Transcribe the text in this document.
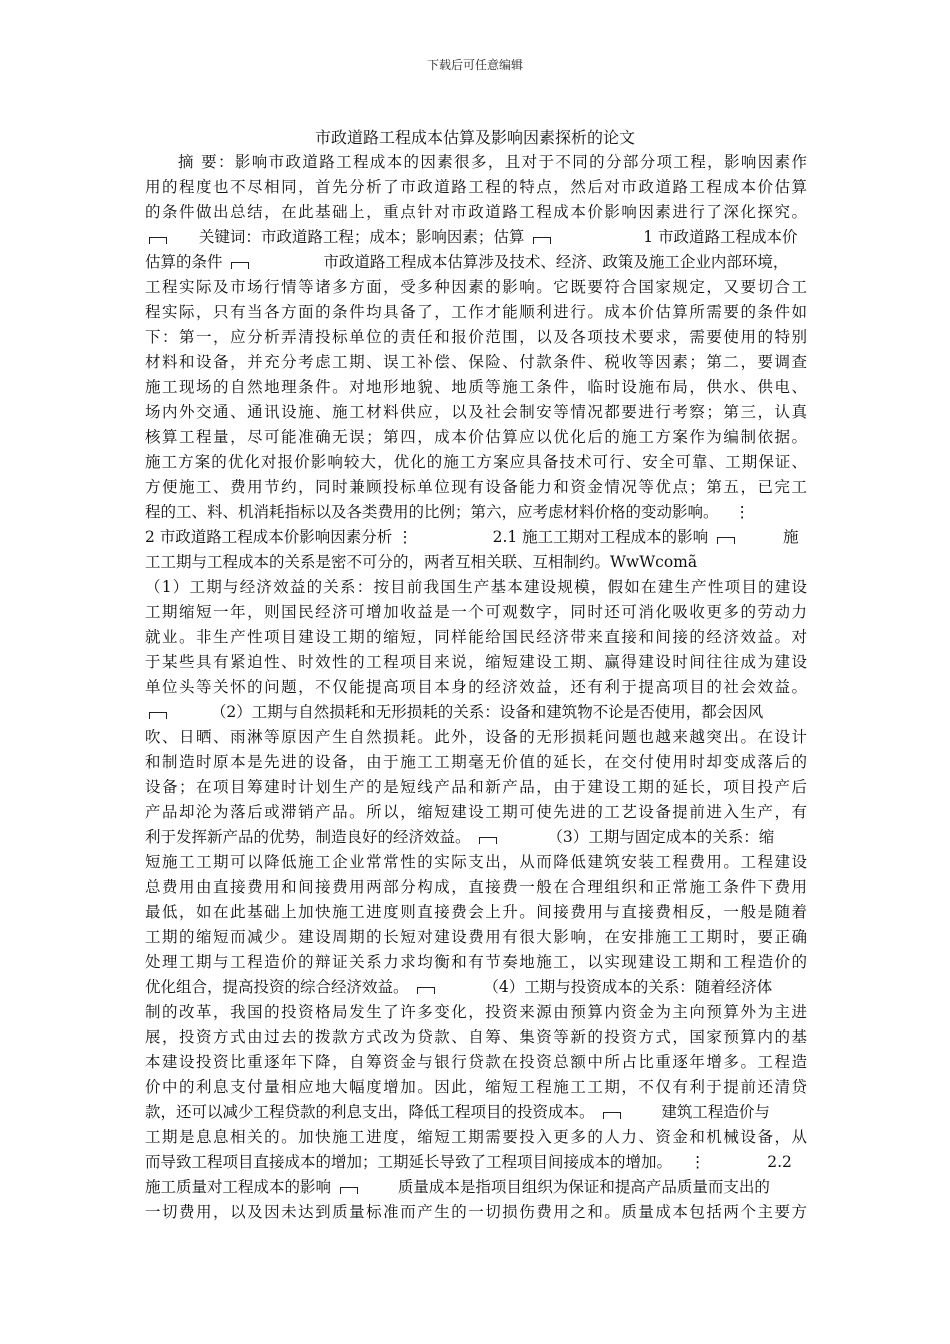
下载后可任意编辑
市政道路工程成本估算及影响因素探析的论文
摘 要：影响市政道路工程成本的因素很多，且对于不同的分部分项工程，影响因素作
用的程度也不尽相同，首先分析了市政道路工程的特点，然后对市政道路工程成本价估算
的条件做出总结，在此基础上，重点针对市政道路工程成本价影响因素进行了深化探究。
关键词：市政道路工程；成本；影响因素；估算	1 市政道路工程成本价
估算的条件	市政道路工程成本估算涉及技术、经济、政策及施工企业内部环境，
工程实际及市场行情等诸多方面，受多种因素的影响。它既要符合国家规定，又要切合工
程实际，只有当各方面的条件均具备了，工作才能顺利进行。成本价估算所需要的条件如
下：第一，应分析弄清投标单位的责任和报价范围，以及各项技术要求，需要使用的特别
材料和设备，并充分考虑工期、误工补偿、保险、付款条件、税收等因素；第二，要调查
施工现场的自然地理条件。对地形地貌、地质等施工条件，临时设施布局，供水、供电、
场内外交通、通讯设施、施工材料供应，以及社会制安等情况都要进行考察；第三，认真
核算工程量，尽可能准确无误；第四，成本价估算应以优化后的施工方案作为编制依据。
施工方案的优化对报价影响较大，优化的施工方案应具备技术可行、安全可靠、工期保证、
方便施工、费用节约，同时兼顾投标单位现有设备能力和资金情况等优点；第五，已完工
程的工、料、机消耗指标以及各类费用的比例；第六，应考虑材料价格的变动影响。 ⋮
2 市政道路工程成本价影响因素分析 ⋮	2.1 施工工期对工程成本的影响	施
工工期与工程成本的关系是密不可分的，两者互相关联、互相制约。WwWcomã
（1）工期与经济效益的关系：按目前我国生产基本建设规模，假如在建生产性项目的建设
工期缩短一年，则国民经济可增加收益是一个可观数字，同时还可消化吸收更多的劳动力
就业。非生产性项目建设工期的缩短，同样能给国民经济带来直接和间接的经济效益。对
于某些具有紧迫性、时效性的工程项目来说，缩短建设工期、赢得建设时间往往成为建设
单位头等关怀的问题，不仅能提高项目本身的经济效益，还有利于提高项目的社会效益。
（2）工期与自然损耗和无形损耗的关系：设备和建筑物不论是否使用，都会因风
吹、日晒、雨淋等原因产生自然损耗。此外，设备的无形损耗问题也越来越突出。在设计
和制造时原本是先进的设备，由于施工工期毫无价值的延长，在交付使用时却变成落后的
设备；在项目筹建时计划生产的是短线产品和新产品，由于建设工期的延长，项目投产后
产品却沦为落后或滞销产品。所以，缩短建设工期可使先进的工艺设备提前进入生产，有
利于发挥新产品的优势，制造良好的经济效益。	（3）工期与固定成本的关系：缩
短施工工期可以降低施工企业常常性的实际支出，从而降低建筑安装工程费用。工程建设
总费用由直接费用和间接费用两部分构成，直接费一般在合理组织和正常施工条件下费用
最低，如在此基础上加快施工进度则直接费会上升。间接费用与直接费相反，一般是随着
工期的缩短而减少。建设周期的长短对建设费用有很大影响，在安排施工工期时，要正确
处理工期与工程造价的辩证关系力求均衡和有节奏地施工，以实现建设工期和工程造价的
优化组合，提高投资的综合经济效益。	（4）工期与投资成本的关系：随着经济体
制的改革，我国的投资格局发生了许多变化，投资来源由预算内资金为主向预算外为主进
展，投资方式由过去的拨款方式改为贷款、自筹、集资等新的投资方式，国家预算内的基
本建设投资比重逐年下降，自筹资金与银行贷款在投资总额中所占比重逐年增多。工程造
价中的利息支付量相应地大幅度增加。因此，缩短工程施工工期，不仅有利于提前还清贷
款，还可以减少工程贷款的利息支出，降低工程项目的投资成本。	建筑工程造价与
工期是息息相关的。加快施工进度，缩短工期需要投入更多的人力、资金和机械设备，从
而导致工程项目直接成本的增加；工期延长导致了工程项目间接成本的增加。 ⋮	2.2
施工质量对工程成本的影响	质量成本是指项目组织为保证和提高产品质量而支出的
一切费用，以及因未达到质量标准而产生的一切损伤费用之和。质量成本包括两个主要方
